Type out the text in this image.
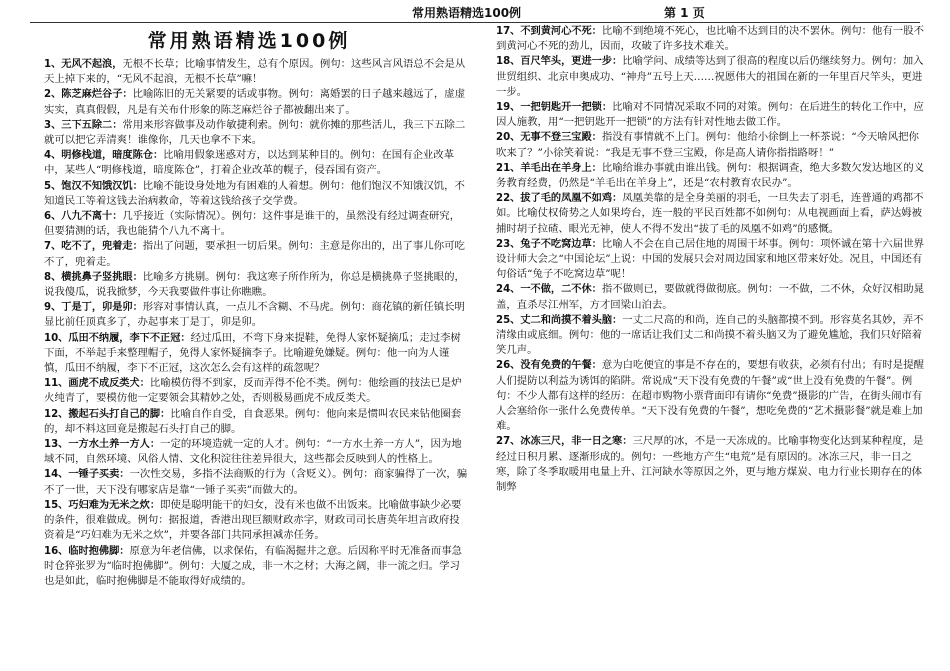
常用熟语精选100例	第 1 页
常用熟语精选100例
1、无风不起浪，无根不长草；比喻事情发生，总有个原因。例句：这些风言风语总不会是从天上掉下来的，“无风不起浪，无根不长草”嘛！
2、陈芝麻烂谷子：比喻陈旧的无关紧要的话或事物。例句：离婚罢的日子越来越远了，虚虚实实，真真假假，凡是有关布什形象的陈芝麻烂谷子都被翻出来了。
3、三下五除二：常用来形容做事及动作敏捷利索。例句：就你摊的那些活儿，我三下五除二就可以把它弄清爽！谁像你，几天也拿不下来。
4、明修栈道，暗度陈仓：比喻用假象迷惑对方，以达到某种目的。例句：在国有企业改革中，某些人“明修栈道，暗度陈仓”，打着企业改革的幌子，侵吞国有资产。
5、饱汉不知饿汉饥：比喻不能设身处地为有困难的人着想。例句：他们饱汉不知饿汉饥，不知道民工等着这钱去治病救命，等着这钱给孩子交学费。
6、八九不离十：几乎接近（实际情况）。例句：这件事是谁干的，虽然没有经过调查研究，但要猜测的话，我也能猜个八九不离十。
7、吃不了，兜着走：指出了问题，要承担一切后果。例句：主意是你出的，出了事儿你可吃不了，兜着走。
8、横挑鼻子竖挑眼：比喻多方挑剔。例句：我这寒子所作所为，你总是横挑鼻子竖挑眼的，说我傻瓜，说我掀梦，今天我要做件事让你瞧瞧。
9、丁是丁，卯是卯：形容对事情认真，一点儿不含糊、不马虎。例句：商花镇的新任镇长明显比前任顶真多了，办起事来丁是丁，卯是卯。
10、瓜田不纳履，李下不正冠：经过瓜田，不弯下身来提鞋，免得人家怀疑摘瓜；走过李树下面，不举起手来整理帽子，免得人家怀疑摘李子。比喻避免嫌疑。例句：他一向为人谨慎，瓜田不纳履，李下不正冠，这次怎么会有这样的疏忽呢？
11、画虎不成反类犬：比喻模仿得不到家，反而弄得不伦不类。例句：他绘画的技法已是炉火纯青了，要模仿他一定要领会其精妙之处，否则极易画虎不成反类犬。
12、搬起石头打自己的脚：比喻自作自受，自食恶果。例句：他向来是惯叫农民来钻他圈套的，却不料这回竟是搬起石头打自己的脚。
13、一方水土养一方人：一定的环境造就一定的人才。例句：“一方水土养一方人”，因为地域不同，自然环境、风俗人情、文化积淀往往差异很大，这些都会反映到人的性格上。
14、一锤子买卖：一次性交易，多指不法商贩的行为（含贬义）。例句：商家骗得了一次，骗不了一世，天下没有哪家店是靠“一锤子买卖”而做大的。
15、巧妇难为无米之炊：即使是聪明能干的妇女，没有米也做不出饭来。比喻做事缺少必要的条件，很难做成。例句：据报道，香港出现巨额财政赤字，财政司司长唐英年坦言政府投资着是“巧妇难为无米之炊”，并要各部门共同承担减赤任务。
16、临时抱佛脚：原意为年老信佛，以求保佑，有临渴掘井之意。后因称平时无准备而事急时仓猝张罗为“临时抱佛脚”。例句：大厦之成，非一木之材；大海之阔，非一流之归。学习也是如此，临时抱佛脚是不能取得好成绩的。
17、不到黄河心不死：比喻不到绝境不死心，也比喻不达到目的决不罢休。例句：他有一股不到黄河心不死的劲儿，因而，攻破了许多技术难关。
18、百尺竿头，更进一步：比喻学问、成绩等达到了很高的程度以后仍继续努力。例句：加入世贸组织、北京申奥成功、“神舟”五号上天……祝愿伟大的祖国在新的一年里百尺竿头，更进一步。
19、一把钥匙开一把锁：比喻对不同情况采取不同的对策。例句：在后进生的转化工作中，应因人施教，用“一把钥匙开一把锁”的方法有针对性地去做工作。
20、无事不登三宝殿：指没有事情就不上门。例句：他给小徐倒上一杯茶说：“今天啥风把你吹来了？”小徐笑着说：“我是无事不登三宝殿，你是高人请你指指路呀！”
21、羊毛出在羊身上：比喻给谁办事就由谁出钱。例句：根据调查，绝大多数欠发达地区的义务教育经费，仍然是“羊毛出在羊身上”，还是“农村教育农民办”。
22、拔了毛的凤凰不如鸡：凤凰美靠的是全身美丽的羽毛，一旦失去了羽毛，连普通的鸡都不如。比喻仗权倚势之人如果垮台，连一般的平民百姓都不如例句：从电视画面上看，萨达姆被捕时胡子拉碴、眼光无神，使人不得不发出“拔了毛的凤凰不如鸡”的感慨。
23、兔子不吃窝边草：比喻人不会在自己居住地的周围干坏事。例句：项怀诚在第十六届世界设计师大会之“中国论坛”上说：中国的发展只会对周边国家和地区带来好处。况且，中国还有句俗话“兔子不吃窝边草”呢！
24、一不做，二不休：指不做则已，要做就得做彻底。例句：一不做，二不休，众好汉相助晁盖，直杀尽江州军，方才回梁山泊去。
25、丈二和尚摸不着头脑：一丈二尺高的和尚，连自己的头脑都摸不到。形容莫名其妙，弄不清缘由或底细。例句：他的一席话让我们丈二和尚摸不着头脑又为了避免尴尬，我们只好陪着笑几声。
26、没有免费的午餐：意为白吃便宜的事是不存在的，要想有收获，必须有付出；有时是提醒人们提防以利益为诱饵的陷阱。常说成“天下没有免费的午餐”或“世上没有免费的午餐”。例句：不少人都有这样的经历：在超市购物小票背面印有请你“免费”摄影的广告，在街头闹市有人会塞给你一张什么免费传单。“天下没有免费的午餐”，想吃免费的“艺术摄影餐”就是难上加难。
27、冰冻三尺，非一日之寒：三尺厚的冰，不是一天冻成的。比喻事物变化达到某种程度，是经过日积月累、逐渐形成的。例句：一些地方产生“电荒”是有原因的。冰冻三尺，非一日之寒，除了冬季取暖用电量上升、江河缺水等原因之外，更与地方煤炭、电力行业长期存在的体制弊
